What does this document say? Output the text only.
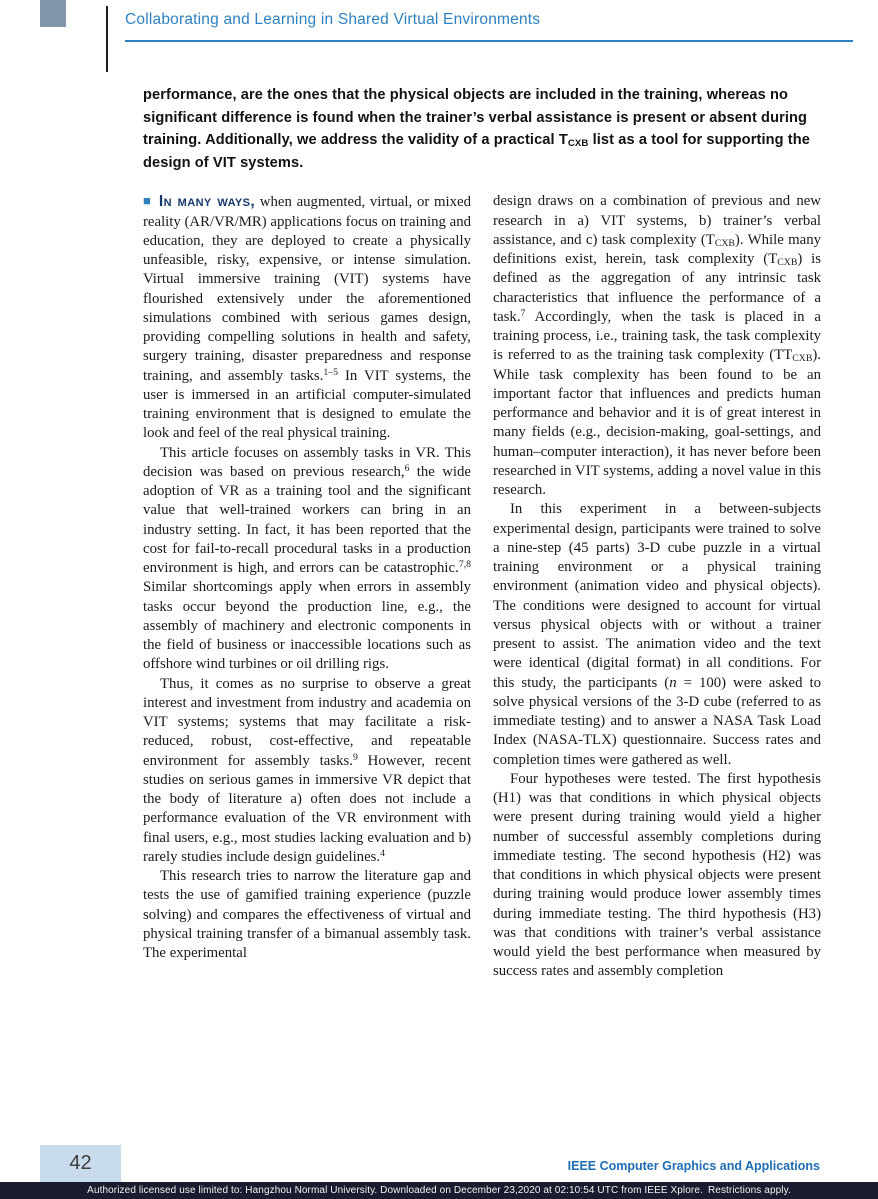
Collaborating and Learning in Shared Virtual Environments

performance, are the ones that the physical objects are included in the training, whereas no significant difference is found when the trainer’s verbal assistance is present or absent during training. Additionally, we address the validity of a practical $T_{CXB}$ list as a tool for supporting the design of VIT systems.

■ In many ways, when augmented, virtual, or mixed reality (AR/VR/MR) applications focus on training and education, they are deployed to create a physically unfeasible, risky, expensive, or intense simulation. Virtual immersive training (VIT) systems have flourished extensively under the aforementioned simulations combined with serious games design, providing compelling solutions in health and safety, surgery training, disaster preparedness and response training, and assembly tasks.$^{1-5}$ In VIT systems, the user is immersed in an artificial computer-simulated training environment that is designed to emulate the look and feel of the real physical training.

This article focuses on assembly tasks in VR. This decision was based on previous research,$^6$ the wide adoption of VR as a training tool and the significant value that well-trained workers can bring in an industry setting. In fact, it has been reported that the cost for fail-to-recall procedural tasks in a production environment is high, and errors can be catastrophic.$^{7,8}$ Similar shortcomings apply when errors in assembly tasks occur beyond the production line, e.g., the assembly of machinery and electronic components in the field of business or inaccessible locations such as offshore wind turbines or oil drilling rigs.

Thus, it comes as no surprise to observe a great interest and investment from industry and academia on VIT systems; systems that may facilitate a risk-reduced, robust, cost-effective, and repeatable environment for assembly tasks.$^9$ However, recent studies on serious games in immersive VR depict that the body of literature a) often does not include a performance evaluation of the VR environment with final users, e.g., most studies lacking evaluation and b) rarely studies include design guidelines.$^4$

This research tries to narrow the literature gap and tests the use of gamified training experience (puzzle solving) and compares the effectiveness of virtual and physical training transfer of a bimanual assembly task. The experimental

design draws on a combination of previous and new research in a) VIT systems, b) trainer’s verbal assistance, and c) task complexity $(T_{CXB})$. While many definitions exist, herein, task complexity $(T_{CXB})$ is defined as the aggregation of any intrinsic task characteristics that influence the performance of a task.$^7$ Accordingly, when the task is placed in a training process, i.e., training task, the task complexity is referred to as the training task complexity $(TT_{CXB})$. While task complexity has been found to be an important factor that influences and predicts human performance and behavior and it is of great interest in many fields (e.g., decision-making, goal-settings, and human–computer interaction), it has never before been researched in VIT systems, adding a novel value in this research.

In this experiment in a between-subjects experimental design, participants were trained to solve a nine-step (45 parts) 3-D cube puzzle in a virtual training environment or a physical training environment (animation video and physical objects). The conditions were designed to account for virtual versus physical objects with or without a trainer present to assist. The animation video and the text were identical (digital format) in all conditions. For this study, the participants (n = 100) were asked to solve physical versions of the 3-D cube (referred to as immediate testing) and to answer a NASA Task Load Index (NASA-TLX) questionnaire. Success rates and completion times were gathered as well.

Four hypotheses were tested. The first hypothesis (H1) was that conditions in which physical objects were present during training would yield a higher number of successful assembly completions during immediate testing. The second hypothesis (H2) was that conditions in which physical objects were present during training would produce lower assembly times during immediate testing. The third hypothesis (H3) was that conditions with trainer’s verbal assistance would yield the best performance when measured by success rates and assembly completion

42	IEEE Computer Graphics and Applications
Authorized licensed use limited to: Hangzhou Normal University. Downloaded on December 23,2020 at 02:10:54 UTC from IEEE Xplore. Restrictions apply.
